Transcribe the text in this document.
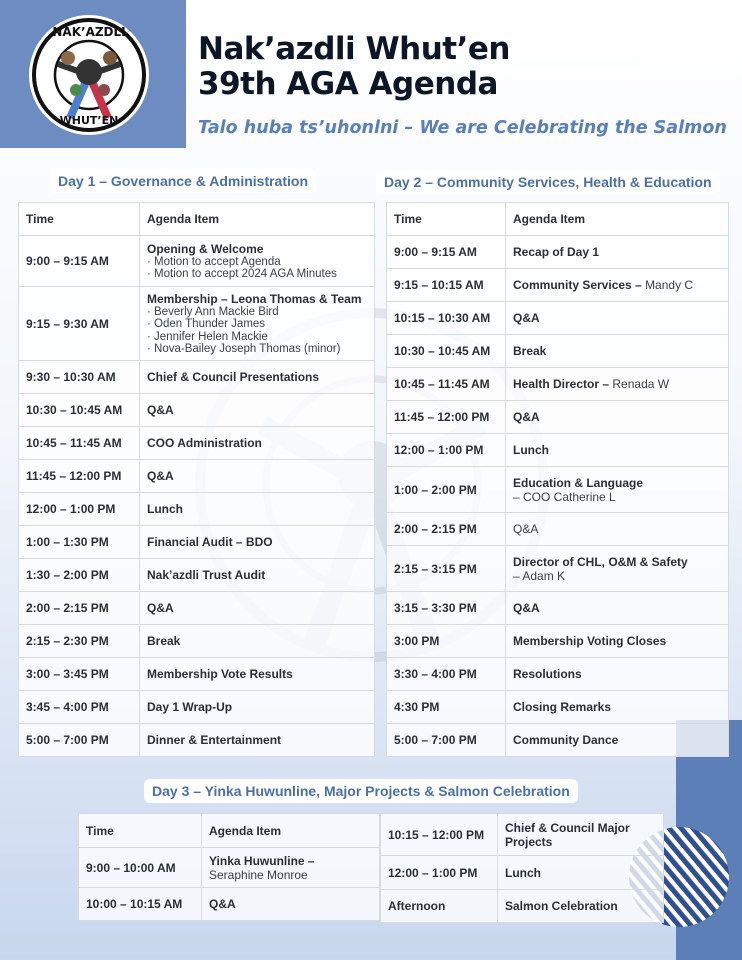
NAK’AZDLI
WHUT’EN
Nak’azdli Whut’en
39th AGA Agenda
Talo huba ts’uhonlni – We are Celebrating the Salmon
Day 1 – Governance & Administration
Time	Agenda Item
9:00 – 9:15 AM	Opening & Welcome
· Motion to accept Agenda
· Motion to accept 2024 AGA Minutes

9:15 – 9:30 AM	Membership – Leona Thomas & Team
· Beverly Ann Mackie Bird
· Oden Thunder James
· Jennifer Helen Mackie
· Nova-Bailey Joseph Thomas (minor)

9:30 – 10:30 AM	Chief & Council Presentations
10:30 – 10:45 AM	Q&A
10:45 – 11:45 AM	COO Administration
11:45 – 12:00 PM	Q&A
12:00 – 1:00 PM	Lunch
1:00 – 1:30 PM	Financial Audit – BDO
1:30 – 2:00 PM	Nak’azdli Trust Audit
2:00 – 2:15 PM	Q&A
2:15 – 2:30 PM	Break
3:00 – 3:45 PM	Membership Vote Results
3:45 – 4:00 PM	Day 1 Wrap-Up
5:00 – 7:00 PM	Dinner & Entertainment
Day 2 – Community Services, Health & Education
Time	Agenda Item
9:00 – 9:15 AM	Recap of Day 1
9:15 – 10:15 AM	Community Services – Mandy C
10:15 – 10:30 AM	Q&A
10:30 – 10:45 AM	Break
10:45 – 11:45 AM	Health Director – Renada W
11:45 – 12:00 PM	Q&A
12:00 – 1:00 PM	Lunch
1:00 – 2:00 PM	Education & Language
– COO Catherine L

2:00 – 2:15 PM	Q&A
2:15 – 3:15 PM	Director of CHL, O&M & Safety
– Adam K

3:15 – 3:30 PM	Q&A
3:00 PM	Membership Voting Closes
3:30 – 4:00 PM	Resolutions
4:30 PM	Closing Remarks
5:00 – 7:00 PM	Community Dance
Day 3 – Yinka Huwunline, Major Projects & Salmon Celebration
Time	Agenda Item
9:00 – 10:00 AM	Yinka Huwunline –
Seraphine Monroe

10:00 – 10:15 AM	Q&A
10:15 – 12:00 PM	Chief & Council Major Projects
12:00 – 1:00 PM	Lunch
Afternoon	Salmon Celebration
